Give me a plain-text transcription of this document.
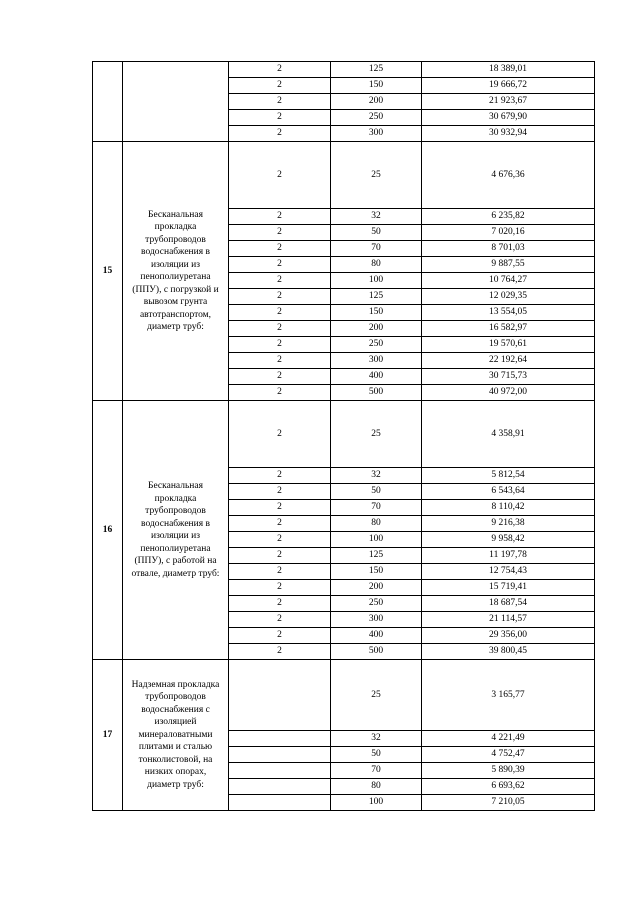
		2	125	18 389,01
		2	150	19 666,72
		2	200	21 923,67
		2	250	30 679,90
		2	300	30 932,94
15	Бесканальная прокладка трубопроводов водоснабжения в изоляции из пенополиуретана (ППУ), с погрузкой и вывозом грунта автотранспортом, диаметр труб:	2	25	4 676,36
		2	32	6 235,82
		2	50	7 020,16
		2	70	8 701,03
		2	80	9 887,55
		2	100	10 764,27
		2	125	12 029,35
		2	150	13 554,05
		2	200	16 582,97
		2	250	19 570,61
		2	300	22 192,64
		2	400	30 715,73
		2	500	40 972,00
16	Бесканальная прокладка трубопроводов водоснабжения в изоляции из пенополиуретана (ППУ), с работой на отвале, диаметр труб:	2	25	4 358,91
		2	32	5 812,54
		2	50	6 543,64
		2	70	8 110,42
		2	80	9 216,38
		2	100	9 958,42
		2	125	11 197,78
		2	150	12 754,43
		2	200	15 719,41
		2	250	18 687,54
		2	300	21 114,57
		2	400	29 356,00
		2	500	39 800,45
17	Надземная прокладка трубопроводов водоснабжения с изоляцией минераловатными плитами и сталью тонколистовой, на низких опорах, диаметр труб:		25	3 165,77
			32	4 221,49
			50	4 752,47
			70	5 890,39
			80	6 693,62
			100	7 210,05
